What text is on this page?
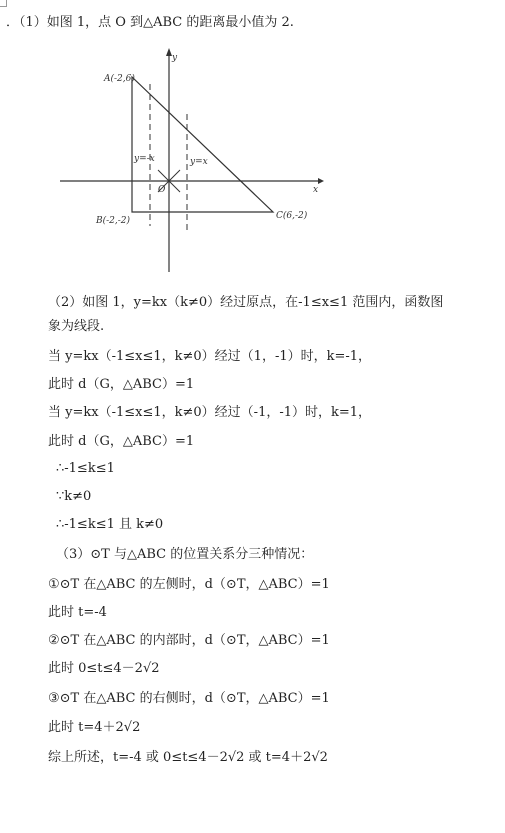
．（1）如图 1，点 O 到△ABC 的距离最小值为 2.
A(-2,6)
B(-2,-2)	C(6,-2)
y
x
O
y=-x	y=x
（2）如图 1，y=kx（k≠0）经过原点，在-1≤x≤1 范围内，函数图
象为线段.
当 y=kx（-1≤x≤1，k≠0）经过（1，-1）时，k=-1，
此时 d（G，△ABC）=1
当 y=kx（-1≤x≤1，k≠0）经过（-1，-1）时，k=1，
此时 d（G，△ABC）=1
∴-1≤k≤1
∵k≠0
∴-1≤k≤1 且 k≠0
（3）⊙T 与△ABC 的位置关系分三种情况：
①⊙T 在△ABC 的左侧时，d（⊙T，△ABC）=1
此时 t=-4
②⊙T 在△ABC 的内部时，d（⊙T，△ABC）=1
此时 0≤t≤4－2√2
③⊙T 在△ABC 的右侧时，d（⊙T，△ABC）=1
此时 t=4＋2√2
综上所述，t=-4 或 0≤t≤4－2√2 或 t=4＋2√2
